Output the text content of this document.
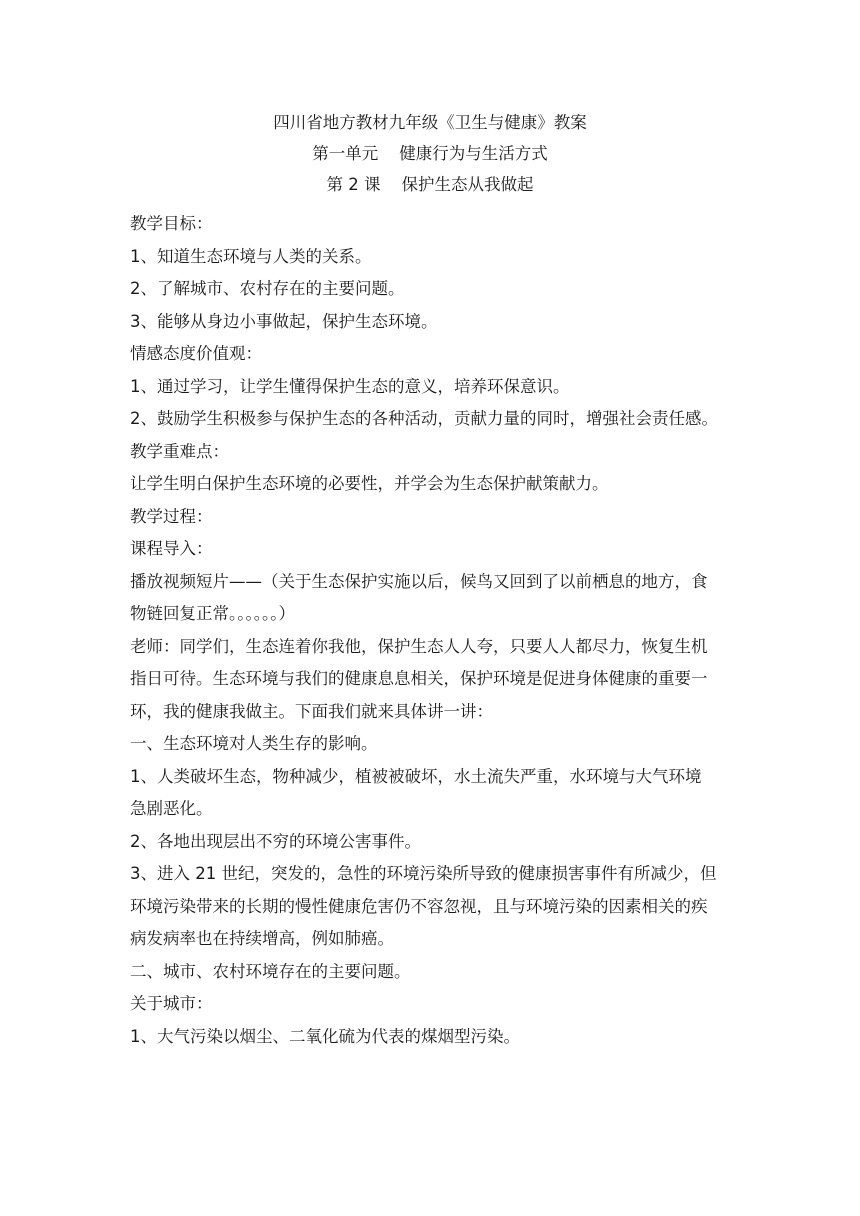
四川省地方教材九年级《卫生与健康》教案
第一单元    健康行为与生活方式
第 2 课    保护生态从我做起
教学目标：
1、知道生态环境与人类的关系。
2、了解城市、农村存在的主要问题。
3、能够从身边小事做起，保护生态环境。
情感态度价值观：
1、通过学习，让学生懂得保护生态的意义，培养环保意识。
2、鼓励学生积极参与保护生态的各种活动，贡献力量的同时，增强社会责任感。
教学重难点：
让学生明白保护生态环境的必要性，并学会为生态保护献策献力。
教学过程：
课程导入：
播放视频短片——（关于生态保护实施以后，候鸟又回到了以前栖息的地方，食
物链回复正常。。。。。。）
老师：同学们，生态连着你我他，保护生态人人夸，只要人人都尽力，恢复生机
指日可待。生态环境与我们的健康息息相关，保护环境是促进身体健康的重要一
环，我的健康我做主。下面我们就来具体讲一讲：
一、生态环境对人类生存的影响。
1、人类破坏生态，物种减少，植被被破坏，水土流失严重，水环境与大气环境
急剧恶化。
2、各地出现层出不穷的环境公害事件。
3、进入 21 世纪，突发的，急性的环境污染所导致的健康损害事件有所减少，但
环境污染带来的长期的慢性健康危害仍不容忽视，且与环境污染的因素相关的疾
病发病率也在持续增高，例如肺癌。
二、城市、农村环境存在的主要问题。
关于城市：
1、大气污染以烟尘、二氧化硫为代表的煤烟型污染。
